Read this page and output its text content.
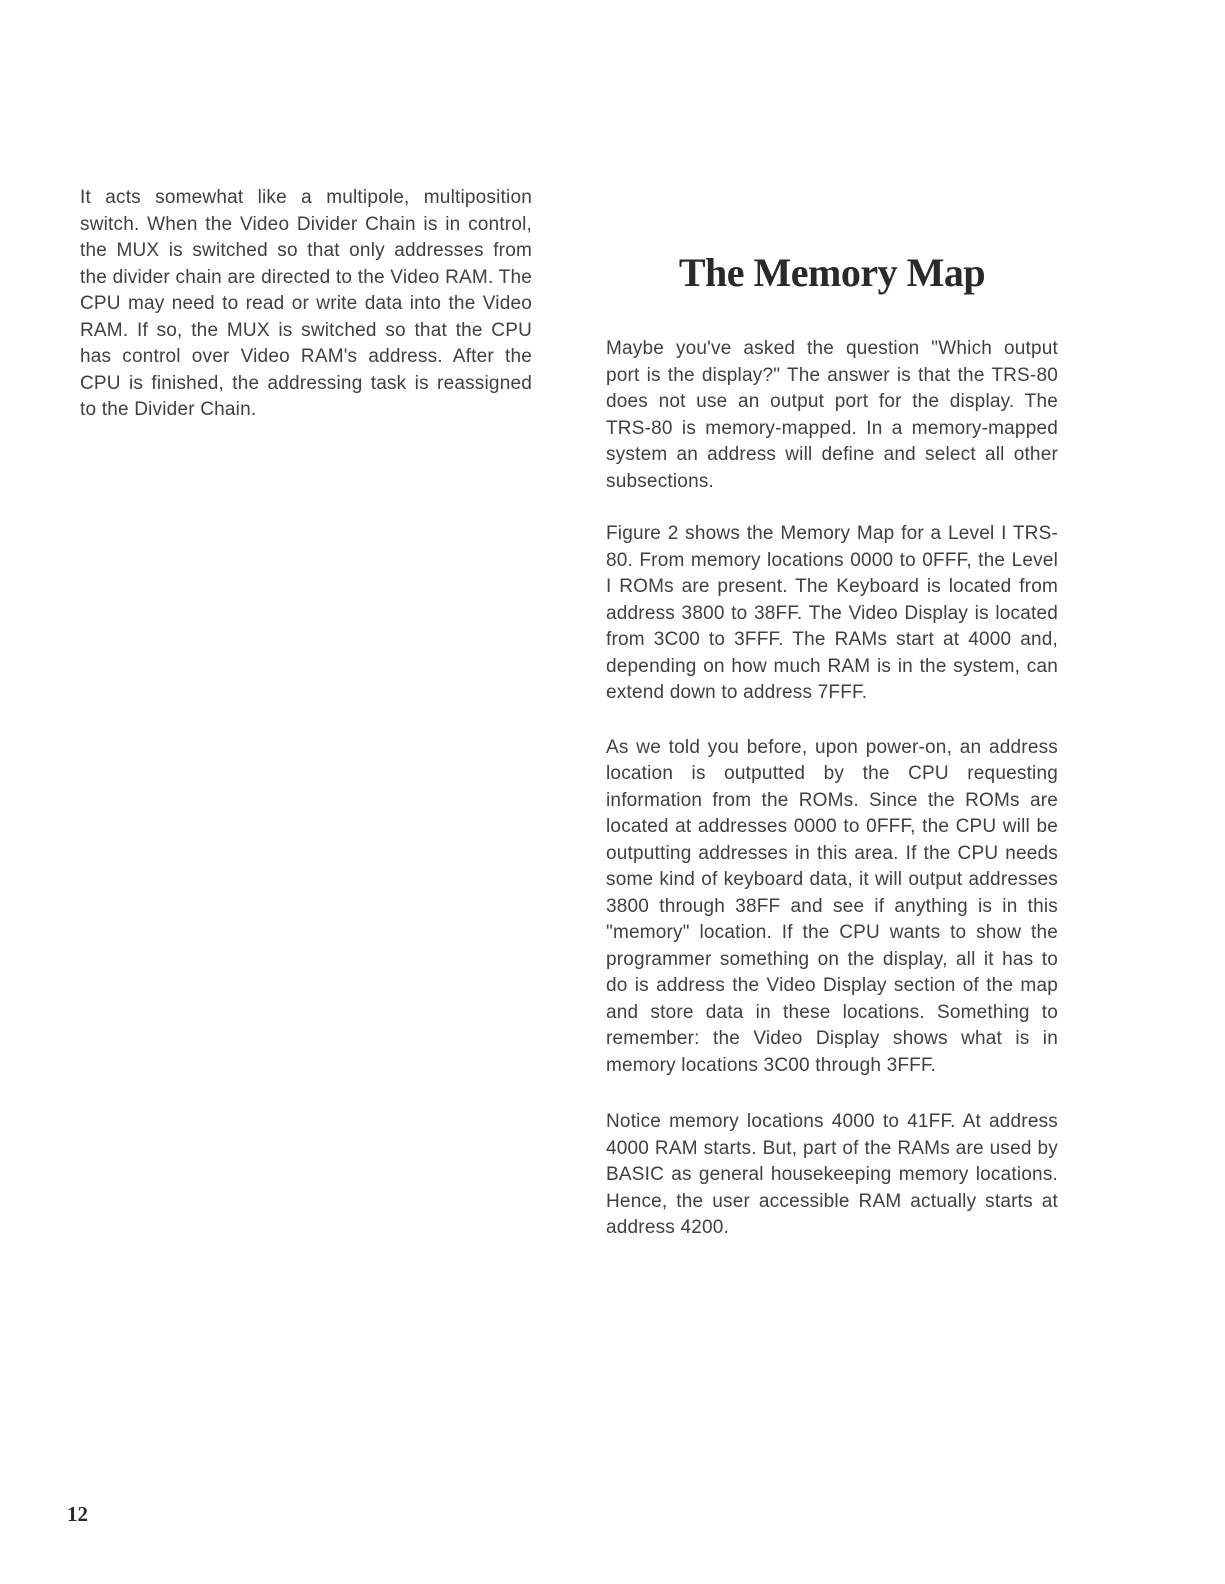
It acts somewhat like a multipole, multiposition switch. When the Video Divider Chain is in control, the MUX is switched so that only addresses from the divider chain are directed to the Video RAM. The CPU may need to read or write data into the Video RAM. If so, the MUX is switched so that the CPU has control over Video RAM's address. After the CPU is finished, the addressing task is reassigned to the Divider Chain.

The Memory Map

Maybe you've asked the question "Which output port is the display?" The answer is that the TRS-80 does not use an output port for the display. The TRS-80 is memory-mapped. In a memory-mapped system an address will define and select all other subsections.

Figure 2 shows the Memory Map for a Level I TRS-80. From memory locations 0000 to 0FFF, the Level I ROMs are present. The Keyboard is located from address 3800 to 38FF. The Video Display is located from 3C00 to 3FFF. The RAMs start at 4000 and, depending on how much RAM is in the system, can extend down to address 7FFF.

As we told you before, upon power-on, an address location is outputted by the CPU requesting information from the ROMs. Since the ROMs are located at addresses 0000 to 0FFF, the CPU will be outputting addresses in this area. If the CPU needs some kind of keyboard data, it will output addresses 3800 through 38FF and see if anything is in this "memory" location. If the CPU wants to show the programmer something on the display, all it has to do is address the Video Display section of the map and store data in these locations. Something to remember: the Video Display shows what is in memory locations 3C00 through 3FFF.

Notice memory locations 4000 to 41FF. At address 4000 RAM starts. But, part of the RAMs are used by BASIC as general housekeeping memory locations. Hence, the user accessible RAM actually starts at address 4200.

12
